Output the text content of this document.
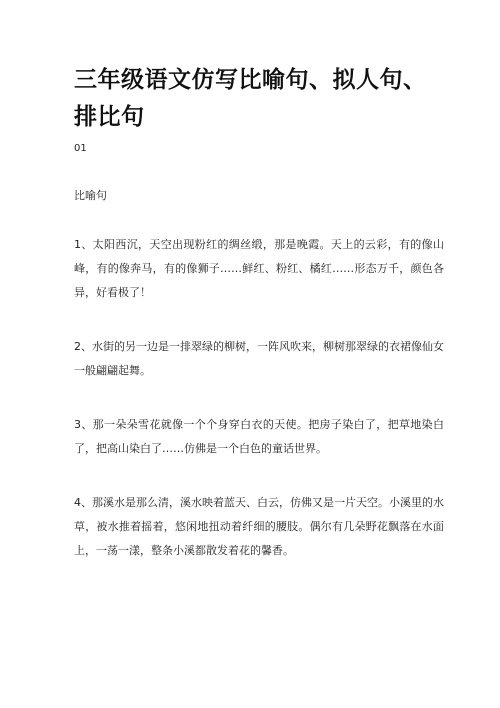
三年级语文仿写比喻句、拟人句、排比句
01
比喻句

1、太阳西沉，天空出现粉红的绸丝缎，那是晚霞。天上的云彩，有的像山峰，有的像奔马，有的像狮子……鲜红、粉红、橘红……形态万千，颜色各异，好看极了！

2、水街的另一边是一排翠绿的柳树，一阵风吹来，柳树那翠绿的衣裙像仙女一般翩翩起舞。

3、那一朵朵雪花就像一个个身穿白衣的天使。把房子染白了，把草地染白了，把高山染白了……仿佛是一个白色的童话世界。

4、那溪水是那么清，溪水映着蓝天、白云，仿佛又是一片天空。小溪里的水草，被水推着摇着，悠闲地扭动着纤细的腰肢。偶尔有几朵野花飘落在水面上，一荡一漾，整条小溪都散发着花的馨香。
